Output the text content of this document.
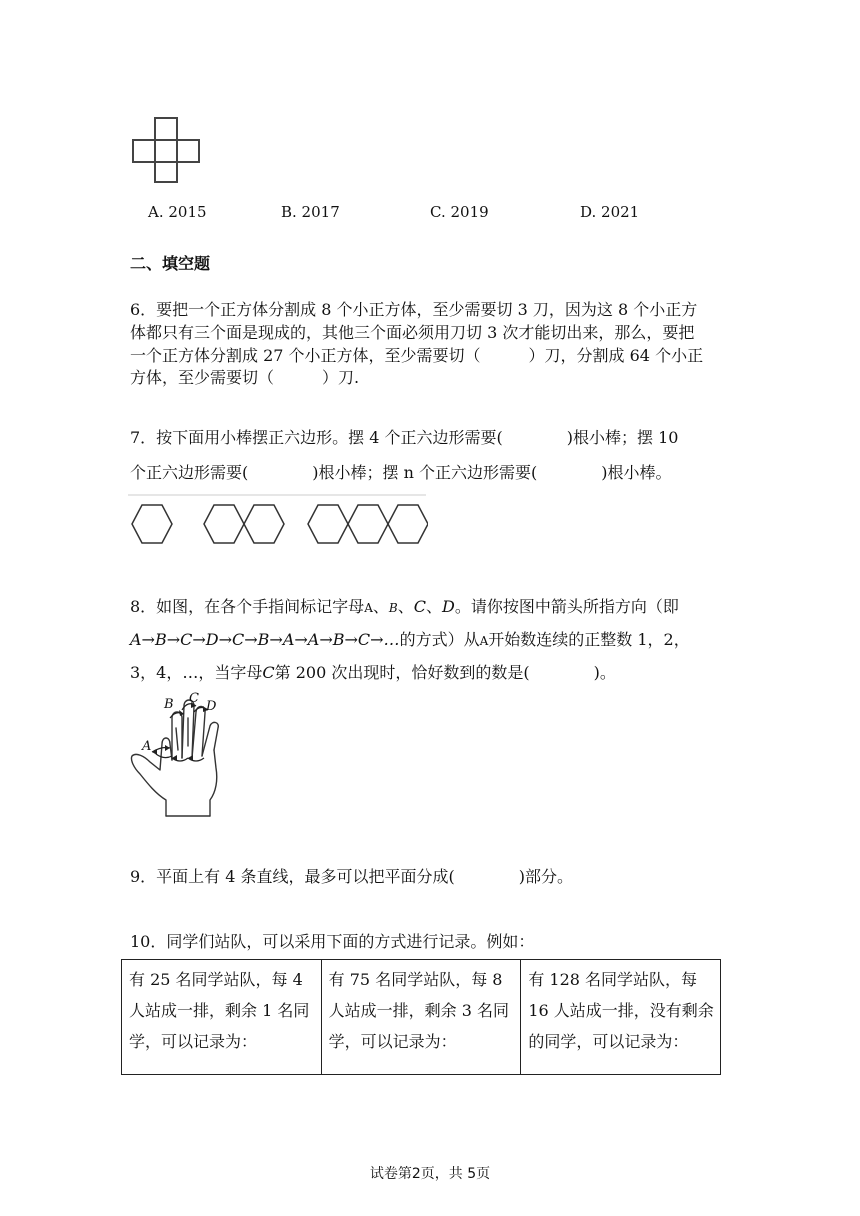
A. 2015	B. 2017	C. 2019	D. 2021
二、填空题
6．要把一个正方体分割成 8 个小正方体，至少需要切 3 刀，因为这 8 个小正方
体都只有三个面是现成的，其他三个面必须用刀切 3 次才能切出来，那么，要把
一个正方体分割成 27 个小正方体，至少需要切（　　　）刀，分割成 64 个小正
方体，至少需要切（　　　）刀.
7．按下面用小棒摆正六边形。摆 4 个正六边形需要(　　　　)根小棒；摆 10
个正六边形需要(　　　　)根小棒；摆 n 个正六边形需要(　　　　)根小棒。
8．如图，在各个手指间标记字母A、B、C、D。请你按图中箭头所指方向（即
A→B→C→D→C→B→A→A→B→C→…的方式）从A开始数连续的正整数 1，2，
3，4，…，当字母C第 200 次出现时，恰好数到的数是(　　　　)。
A
B C
D
9．平面上有 4 条直线，最多可以把平面分成(　　　　)部分。
10．同学们站队，可以采用下面的方式进行记录。例如：
有 25 名同学站队，每 4 人站成一排，剩余 1 名同学，可以记录为：	有 75 名同学站队，每 8 人站成一排，剩余 3 名同学，可以记录为：	有 128 名同学站队，每 16 人站成一排，没有剩余的同学，可以记录为：
试卷第2页，共 5页
